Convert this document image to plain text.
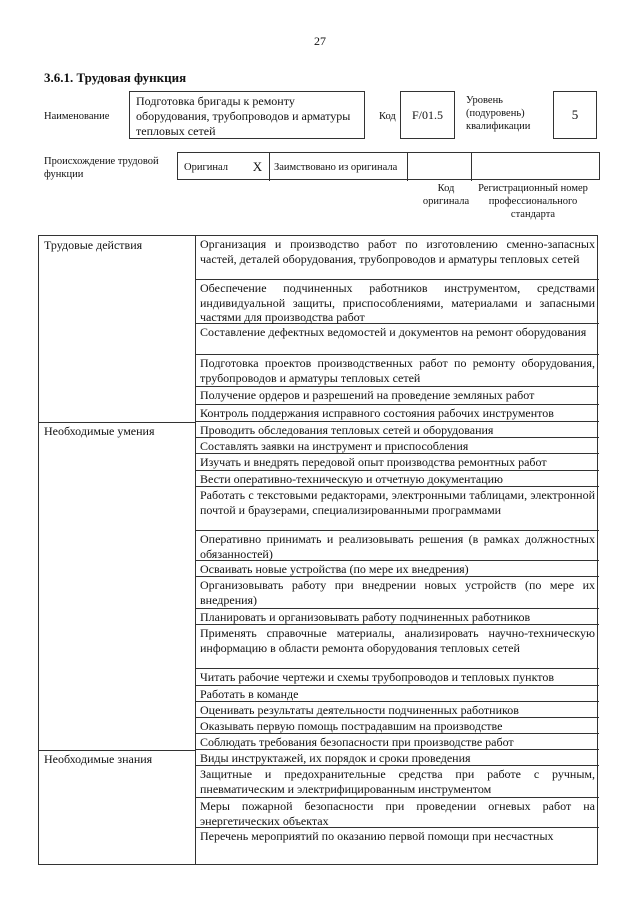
27
3.6.1. Трудовая функция
Наименование
Подготовка бригады к ремонту оборудования, трубопроводов и арматуры тепловых сетей
Код	F/01.5
Уровень (подуровень) квалификации
5
Происхождение трудовой функции
Оригинал	X	Заимствовано из оригинала
Код оригинала
Регистрационный номер профессионального стандарта
Трудовые действия	Организация и производство работ по изготовлению сменно-запасных частей, деталей оборудования, трубопроводов и арматуры тепловых сетей
Обеспечение подчиненных работников инструментом, средствами индивидуальной защиты, приспособлениями, материалами и запасными частями для производства работ
Составление дефектных ведомостей и документов на ремонт оборудования
Подготовка проектов производственных работ по ремонту оборудования, трубопроводов и арматуры тепловых сетей
Получение ордеров и разрешений на проведение земляных работ
Контроль поддержания исправного состояния рабочих инструментов
Необходимые умения	Проводить обследования тепловых сетей и оборудования
Составлять заявки на инструмент и приспособления
Изучать и внедрять передовой опыт производства ремонтных работ
Вести оперативно-техническую и отчетную документацию
Работать с текстовыми редакторами, электронными таблицами, электронной почтой и браузерами, специализированными программами
Оперативно принимать и реализовывать решения (в рамках должностных обязанностей)
Осваивать новые устройства (по мере их внедрения)
Организовывать работу при внедрении новых устройств (по мере их внедрения)
Планировать и организовывать работу подчиненных работников
Применять справочные материалы, анализировать научно-техническую информацию в области ремонта оборудования тепловых сетей
Читать рабочие чертежи и схемы трубопроводов и тепловых пунктов
Работать в команде
Оценивать результаты деятельности подчиненных работников
Оказывать первую помощь пострадавшим на производстве
Соблюдать требования безопасности при производстве работ
Необходимые знания	Виды инструктажей, их порядок и сроки проведения
Защитные и предохранительные средства при работе с ручным, пневматическим и электрифицированным инструментом
Меры пожарной безопасности при проведении огневых работ на энергетических объектах
Перечень мероприятий по оказанию первой помощи при несчастных
